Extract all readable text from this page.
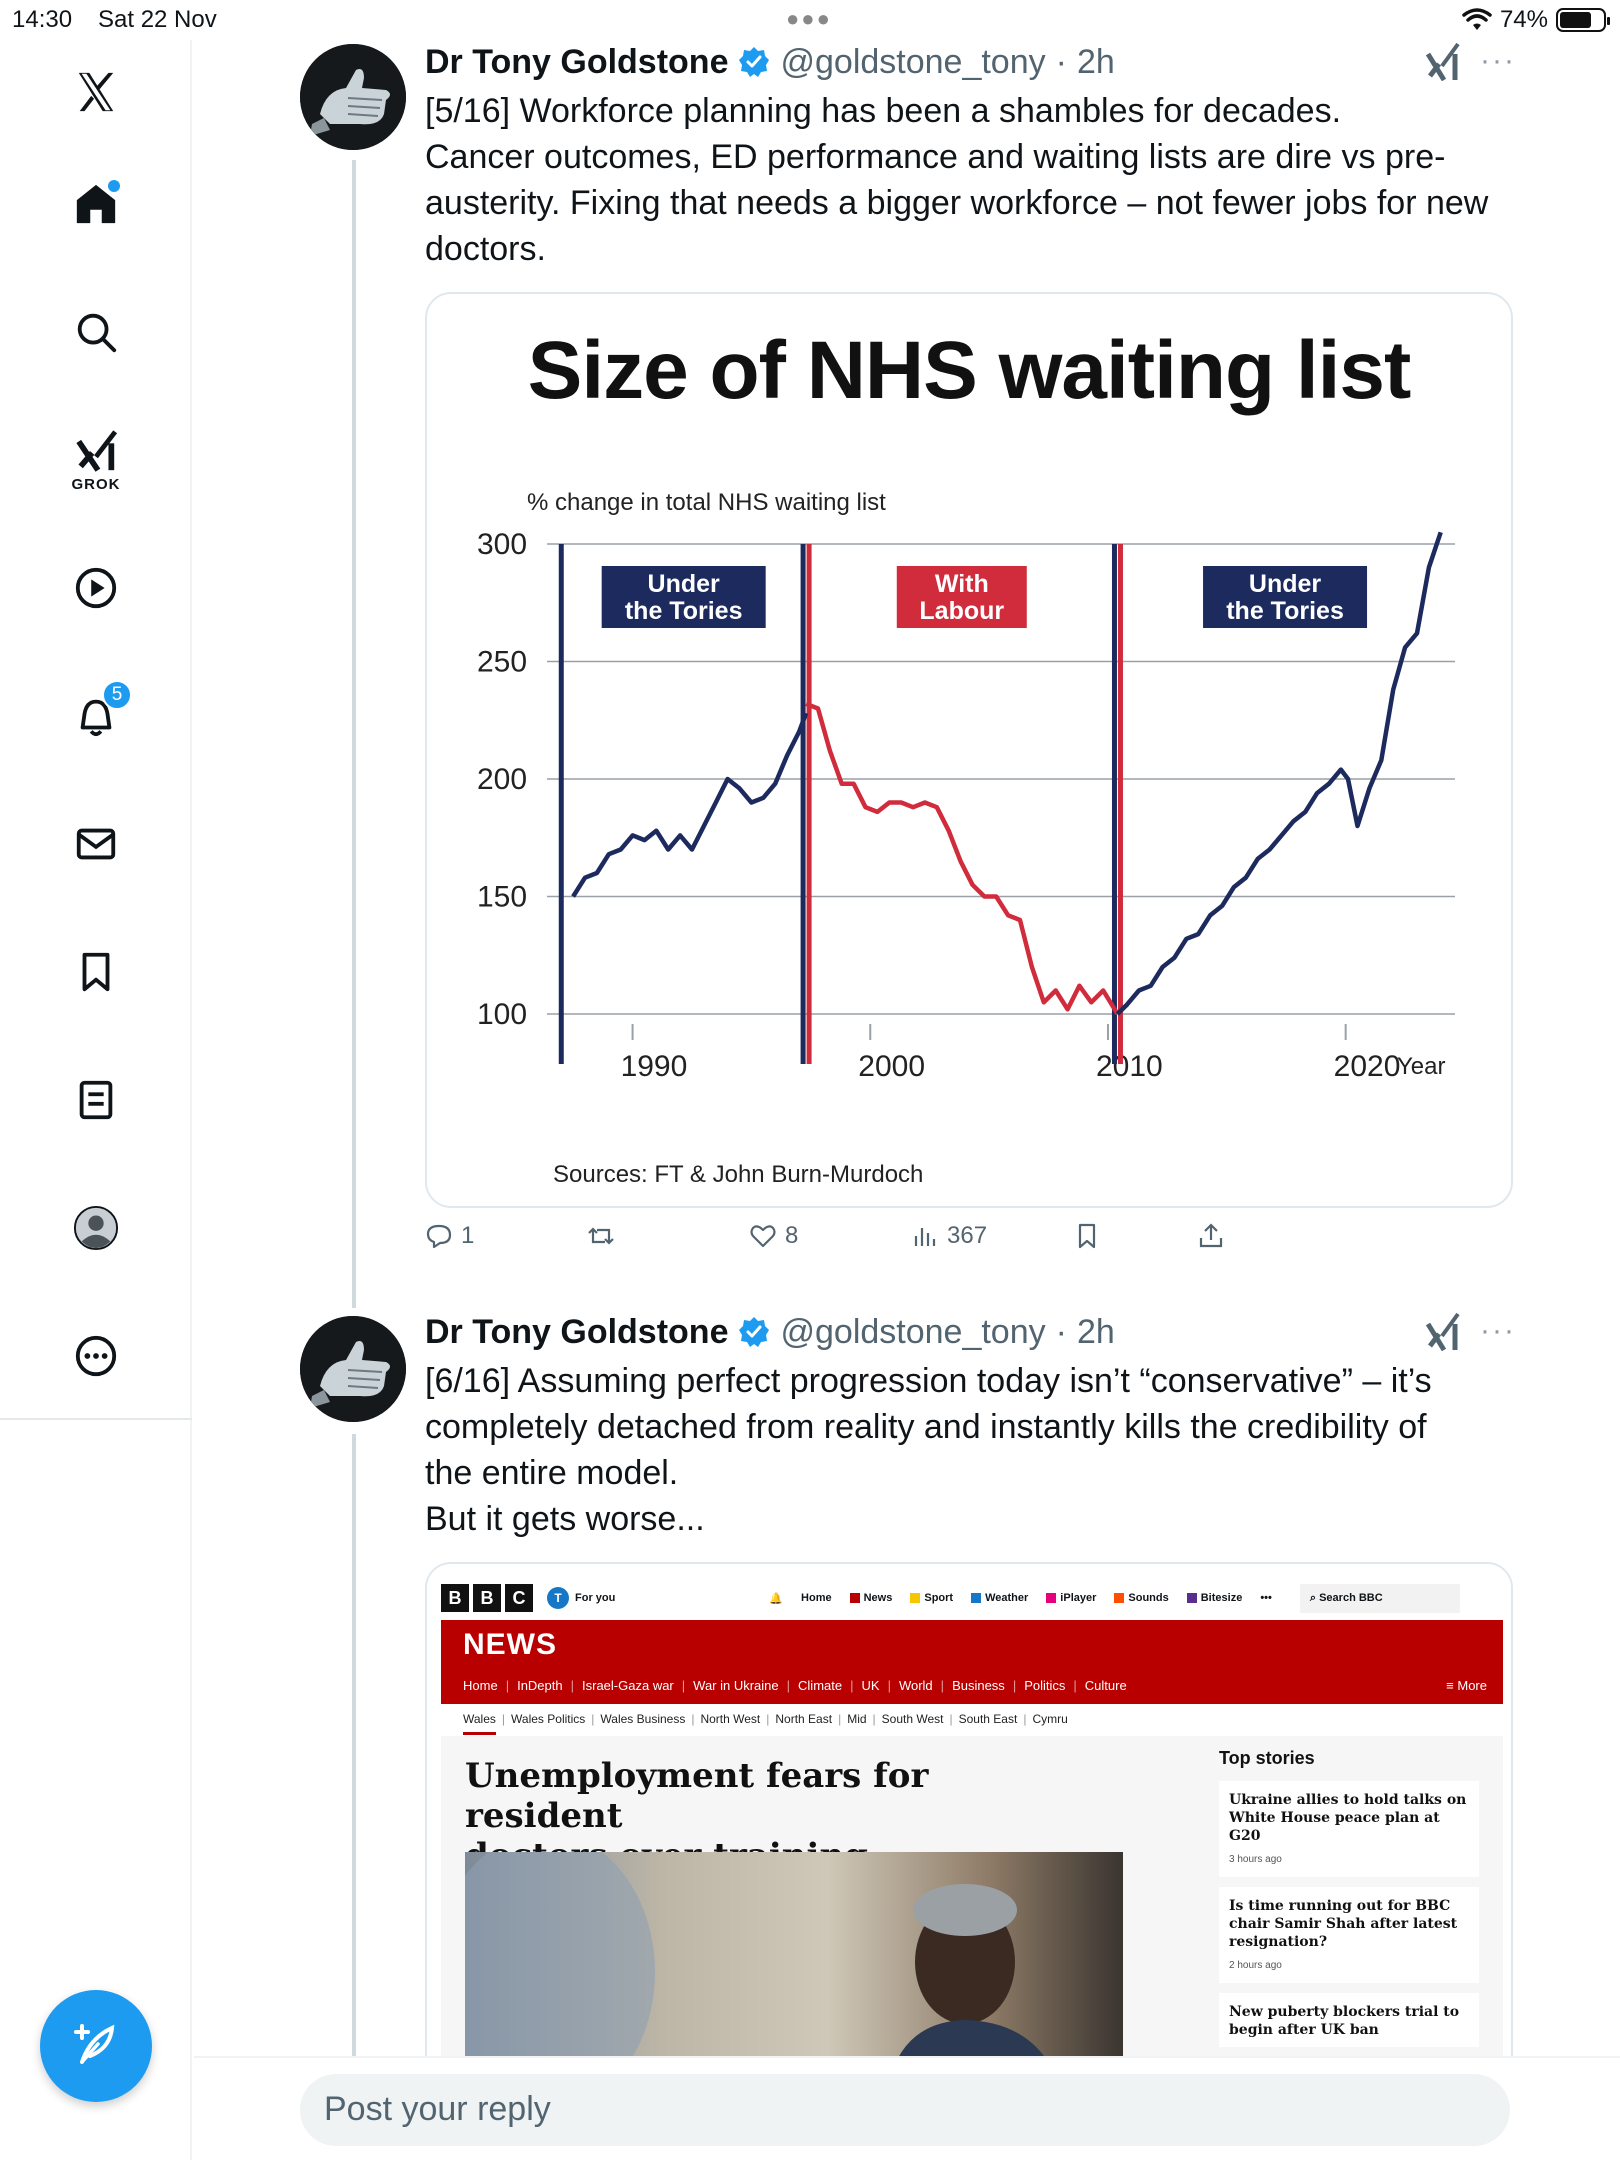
14:30 Sat 22 Nov	●●●	74%
GROK
5
Dr Tony Goldstone @goldstone_tony · 2h	···
[5/16] Workforce planning has been a shambles for decades.
Cancer outcomes, ED performance and waiting lists are dire vs pre-
austerity. Fixing that needs a bigger workforce – not fewer jobs for new
doctors.
Size of NHS waiting list
% change in total NHS waiting list
100
150
200
250
300
1990	2000	2010	2020
Year
Under
the Tories
With
Labour
Under
the Tories
Sources: FT & John Burn-Murdoch
1	8	367
Dr Tony Goldstone @goldstone_tony · 2h	···
[6/16] Assuming perfect progression today isn’t “conservative” – it’s
completely detached from reality and instantly kills the credibility of
the entire model.
But it gets worse...
B	B	C	T	For you	🔔 Home	News	Sport	Weather	iPlayer	Sounds	Bitesize •••	⌕ Search BBC
NEWS
Home	| InDepth	| Israel-Gaza war	| War in Ukraine	| Climate	| UK	| World	| Business	| Politics	| Culture	≡ More
Wales	| Wales Politics	| Wales Business	| North West	| North East	| Mid	| South West	| South East	| Cymru
Unemployment fears for resident
Top stories
Ukraine allies to hold talks on White House peace plan at G20
3 hours ago
Is time running out for BBC chair Samir Shah after latest resignation?
2 hours ago
New puberty blockers trial to begin after UK ban
Post your reply
